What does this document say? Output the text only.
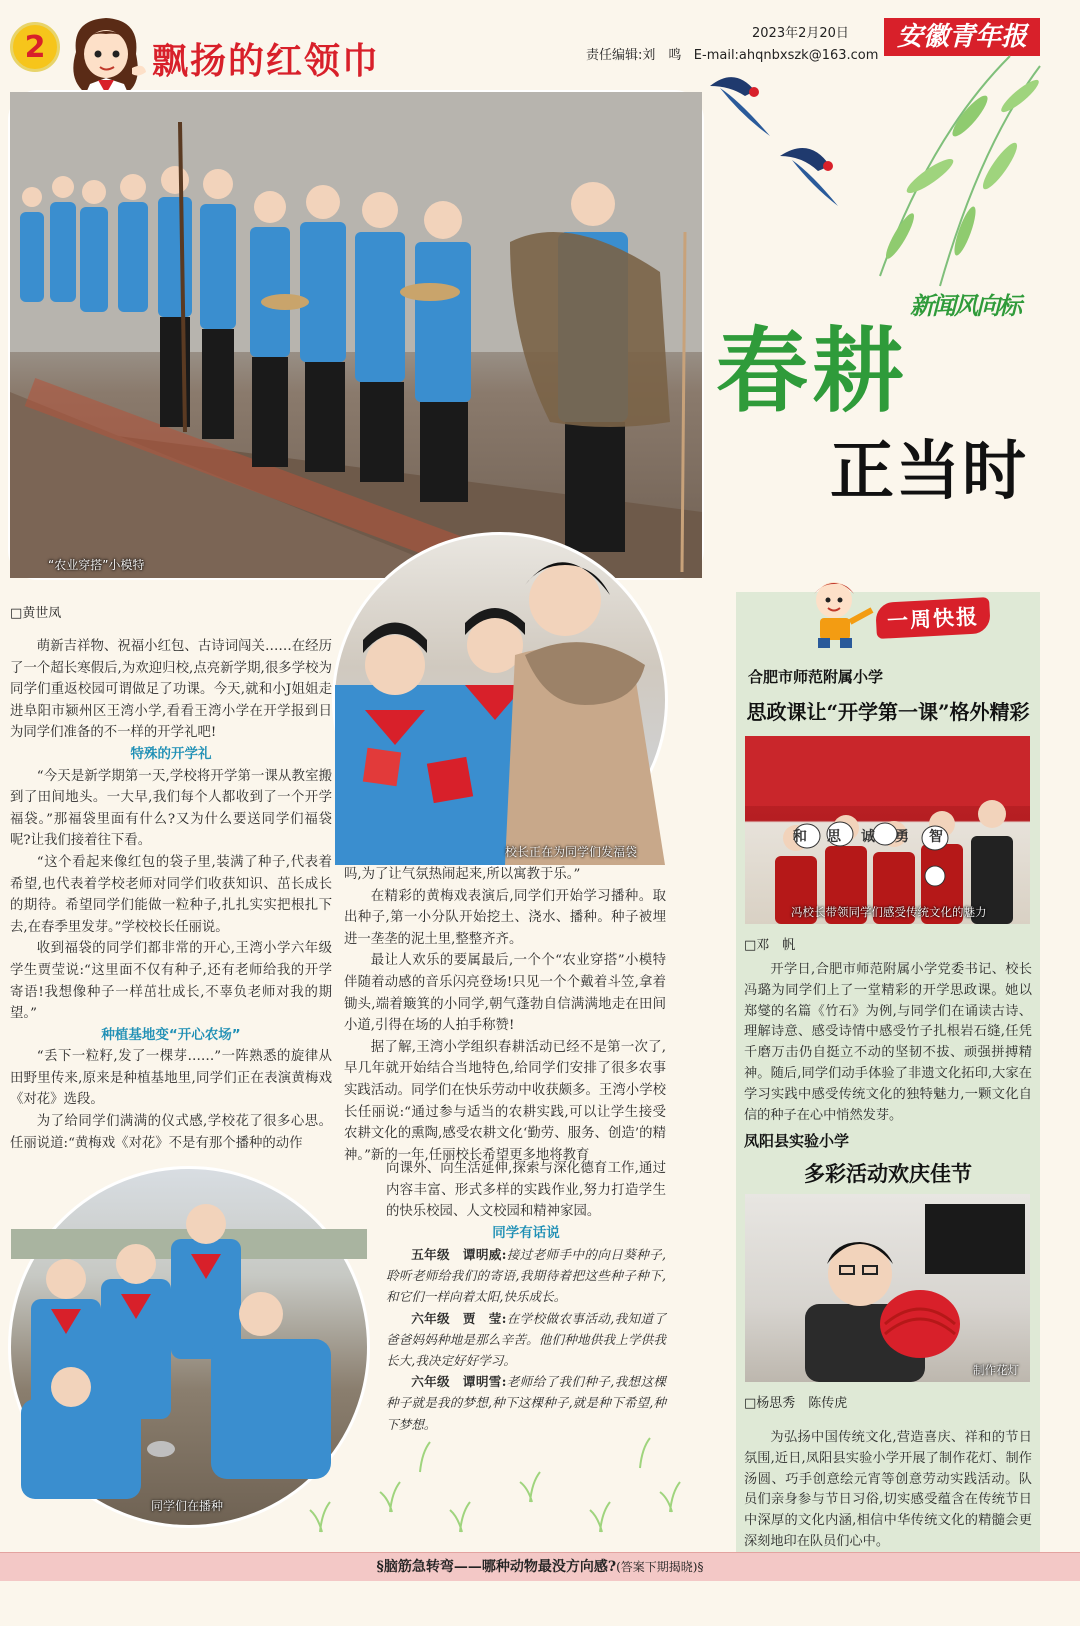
2	飘扬的红领巾
2023年2月20日
责任编辑:刘　鸣 E-mail:ahqnbxszk@163.com
安徽青年报
新闻风向标
春耕
正当时
“农业穿搭”小模特
校长正在为同学们发福袋
□黄世凤

萌新吉祥物、祝福小红包、古诗词闯关……在经历了一个超长寒假后,为欢迎归校,点亮新学期,很多学校为同学们重返校园可谓做足了功课。今天,就和小J姐姐走进阜阳市颍州区王湾小学,看看王湾小学在开学报到日为同学们准备的不一样的开学礼吧!

特殊的开学礼

“今天是新学期第一天,学校将开学第一课从教室搬到了田间地头。一大早,我们每个人都收到了一个开学福袋。”那福袋里面有什么?又为什么要送同学们福袋呢?让我们接着往下看。

“这个看起来像红包的袋子里,装满了种子,代表着希望,也代表着学校老师对同学们收获知识、茁长成长的期待。希望同学们能做一粒种子,扎扎实实把根扎下去,在春季里发芽。”学校校长任丽说。

收到福袋的同学们都非常的开心,王湾小学六年级学生贾莹说:“这里面不仅有种子,还有老师给我的开学寄语!我想像种子一样茁壮成长,不辜负老师对我的期望。”

种植基地变“开心农场”

“丢下一粒籽,发了一棵芽……”一阵熟悉的旋律从田野里传来,原来是种植基地里,同学们正在表演黄梅戏《对花》选段。

为了给同学们满满的仪式感,学校花了很多心思。任丽说道:“黄梅戏《对花》不是有那个播种的动作

吗,为了让气氛热闹起来,所以寓教于乐。”

在精彩的黄梅戏表演后,同学们开始学习播种。取出种子,第一小分队开始挖土、浇水、播种。种子被埋进一垄垄的泥土里,整整齐齐。

最让人欢乐的要属最后,一个个“农业穿搭”小模特伴随着动感的音乐闪亮登场!只见一个个戴着斗笠,拿着锄头,端着簸箕的小同学,朝气蓬勃自信满满地走在田间小道,引得在场的人拍手称赞!

据了解,王湾小学组织春耕活动已经不是第一次了,早几年就开始结合当地特色,给同学们安排了很多农事实践活动。同学们在快乐劳动中收获颇多。王湾小学校长任丽说:“通过参与适当的农耕实践,可以让学生接受农耕文化的熏陶,感受农耕文化‘勤劳、服务、创造’的精神。”新的一年,任丽校长希望更多地将教育

向课外、向生活延伸,探索与深化德育工作,通过内容丰富、形式多样的实践作业,努力打造学生的快乐校园、人文校园和精神家园。

同学有话说

五年级　谭明威:接过老师手中的向日葵种子,聆听老师给我们的寄语,我期待着把这些种子种下,和它们一样向着太阳,快乐成长。

六年级　贾　莹:在学校做农事活动,我知道了爸爸妈妈种地是那么辛苦。他们种地供我上学供我长大,我决定好好学习。

六年级　谭明雪:老师给了我们种子,我想这棵种子就是我的梦想,种下这棵种子,就是种下希望,种下梦想。

同学们在播种
一周快报
合肥市师范附属小学
思政课让“开学第一课”格外精彩
和思诚勇智
冯校长带领同学们感受传统文化的魅力
□邓　帆

开学日,合肥市师范附属小学党委书记、校长冯璐为同学们上了一堂精彩的开学思政课。她以郑燮的名篇《竹石》为例,与同学们在诵读古诗、理解诗意、感受诗情中感受竹子扎根岩石缝,任凭千磨万击仍自挺立不动的坚韧不拔、顽强拼搏精神。随后,同学们动手体验了非遗文化拓印,大家在学习实践中感受传统文化的独特魅力,一颗文化自信的种子在心中悄然发芽。

凤阳县实验小学
多彩活动欢庆佳节
制作花灯
□杨思秀　陈传虎

为弘扬中国传统文化,营造喜庆、祥和的节日氛围,近日,凤阳县实验小学开展了制作花灯、制作汤圆、巧手创意绘元宵等创意劳动实践活动。队员们亲身参与节日习俗,切实感受蕴含在传统节日中深厚的文化内涵,相信中华传统文化的精髓会更深刻地印在队员们心中。

§脑筋急转弯——哪种动物最没方向感?(答案下期揭晓)§
